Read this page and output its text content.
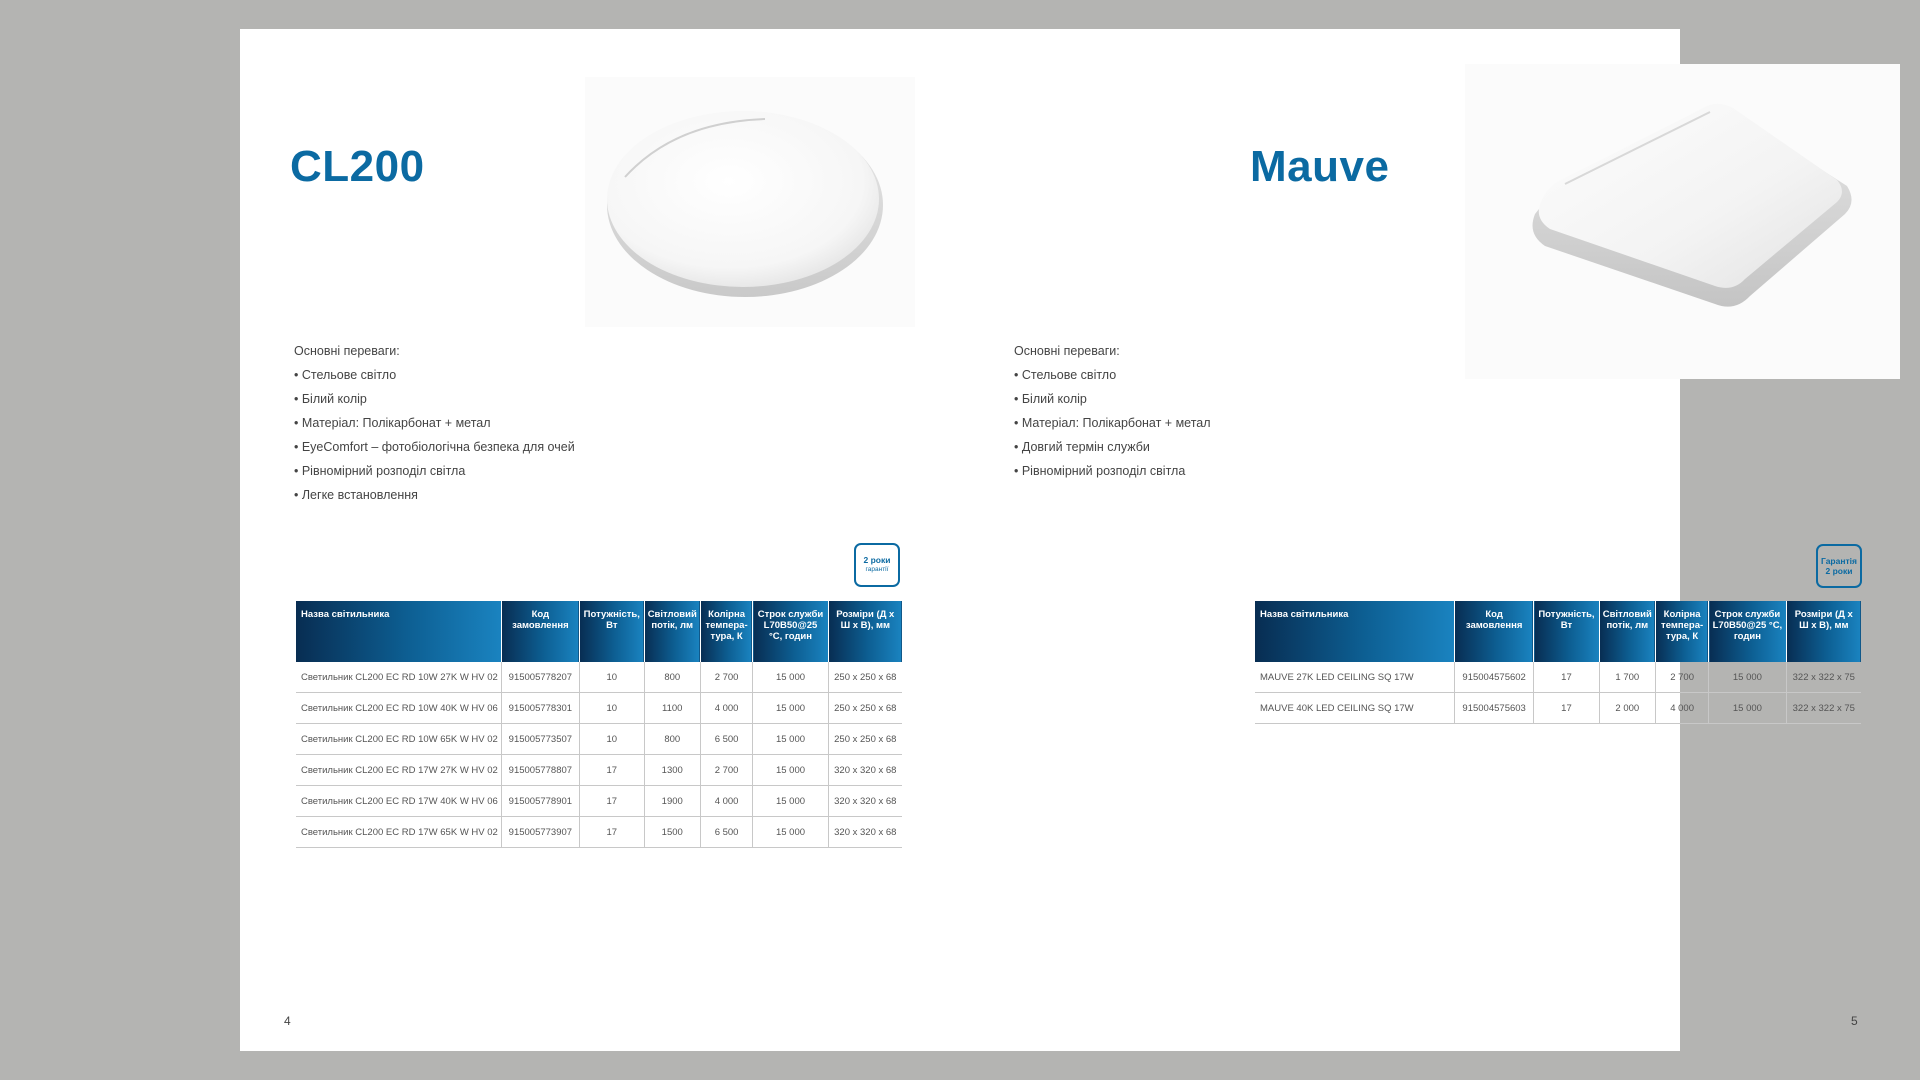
CL200
Основні переваги:
• Стельове світло
• Білий колір
• Матеріал: Полікарбонат + метал
• EyeComfort – фотобіологічна безпека для очей
• Рівномірний розподіл світла
• Легке встановлення
2 роки
гарантії
Назва світильника	Код замовлення	Потужність, Вт	Світловий потік, лм	Колірна темпера-тура, К	Строк служби L70B50@25 °С, годин	Розміри (Д x Ш x В), мм
Светильник CL200 EC RD 10W 27K W HV 02	915005778207	10	800	2 700	15 000	250 x 250 x 68
Светильник CL200 EC RD 10W 40K W HV 06	915005778301	10	1100	4 000	15 000	250 x 250 x 68
Светильник CL200 EC RD 10W 65K W HV 02	915005773507	10	800	6 500	15 000	250 x 250 x 68
Светильник CL200 EC RD 17W 27K W HV 02	915005778807	17	1300	2 700	15 000	320 x 320 x 68
Светильник CL200 EC RD 17W 40K W HV 06	915005778901	17	1900	4 000	15 000	320 x 320 x 68
Светильник CL200 EC RD 17W 65K W HV 02	915005773907	17	1500	6 500	15 000	320 x 320 x 68
4
Mauve
Основні переваги:
• Стельове світло
• Білий колір
• Матеріал: Полікарбонат + метал
• Довгий термін служби
• Рівномірний розподіл світла
Гарантія
2 роки
Назва світильника	Код замовлення	Потужність, Вт	Світловий потік, лм	Колірна темпера-тура, К	Строк служби L70B50@25 °С, годин	Розміри (Д x Ш x В), мм
MAUVE 27K LED CEILING SQ 17W	915004575602	17	1 700	2 700	15 000	322 x 322 x 75
MAUVE 40K LED CEILING SQ 17W	915004575603	17	2 000	4 000	15 000	322 x 322 x 75
5
